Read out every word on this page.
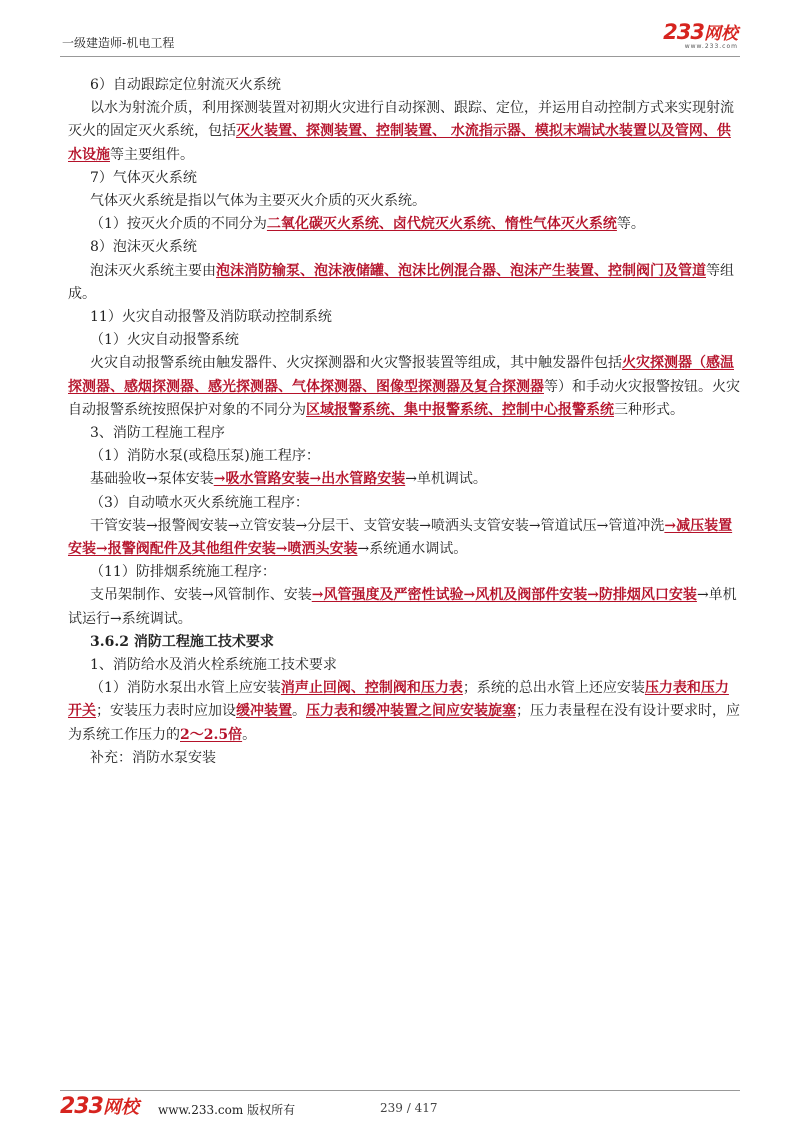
一级建造师-机电工程	233网校
www.233.com

6）自动跟踪定位射流灭火系统

以水为射流介质，利用探测装置对初期火灾进行自动探测、跟踪、定位，并运用自动控制方式来实现射流灭火的固定灭火系统，包括灭火装置、探测装置、控制装置、 水流指示器、模拟末端试水装置以及管网、供水设施等主要组件。

7）气体灭火系统

气体灭火系统是指以气体为主要灭火介质的灭火系统。

（1）按灭火介质的不同分为二氧化碳灭火系统、卤代烷灭火系统、惰性气体灭火系统等。

8）泡沫灭火系统

泡沫灭火系统主要由泡沫消防输泵、泡沫液储罐、泡沫比例混合器、泡沫产生装置、控制阀门及管道等组成。

11）火灾自动报警及消防联动控制系统

（1）火灾自动报警系统

火灾自动报警系统由触发器件、火灾探测器和火灾警报装置等组成，其中触发器件包括火灾探测器（感温探测器、感烟探测器、感光探测器、气体探测器、图像型探测器及复合探测器等）和手动火灾报警按钮。火灾自动报警系统按照保护对象的不同分为区域报警系统、集中报警系统、控制中心报警系统三种形式。

3、消防工程施工程序

（1）消防水泵(或稳压泵)施工程序：

基础验收→泵体安装→吸水管路安装→出水管路安装→单机调试。

（3）自动喷水灭火系统施工程序：

干管安装→报警阀安装→立管安装→分层干、支管安装→喷洒头支管安装→管道试压→管道冲洗→减压装置安装→报警阀配件及其他组件安装→喷洒头安装→系统通水调试。

（11）防排烟系统施工程序：

支吊架制作、安装→风管制作、安装→风管强度及严密性试验→风机及阀部件安装→防排烟风口安装→单机试运行→系统调试。

3.6.2 消防工程施工技术要求

1、消防给水及消火栓系统施工技术要求

（1）消防水泵出水管上应安装消声止回阀、控制阀和压力表；系统的总出水管上还应安装压力表和压力开关；安装压力表时应加设缓冲装置。压力表和缓冲装置之间应安装旋塞；压力表量程在没有设计要求时，应为系统工作压力的2～2.5倍。

补充：消防水泵安装

233网校 www.233.com 版权所有	239 / 417
